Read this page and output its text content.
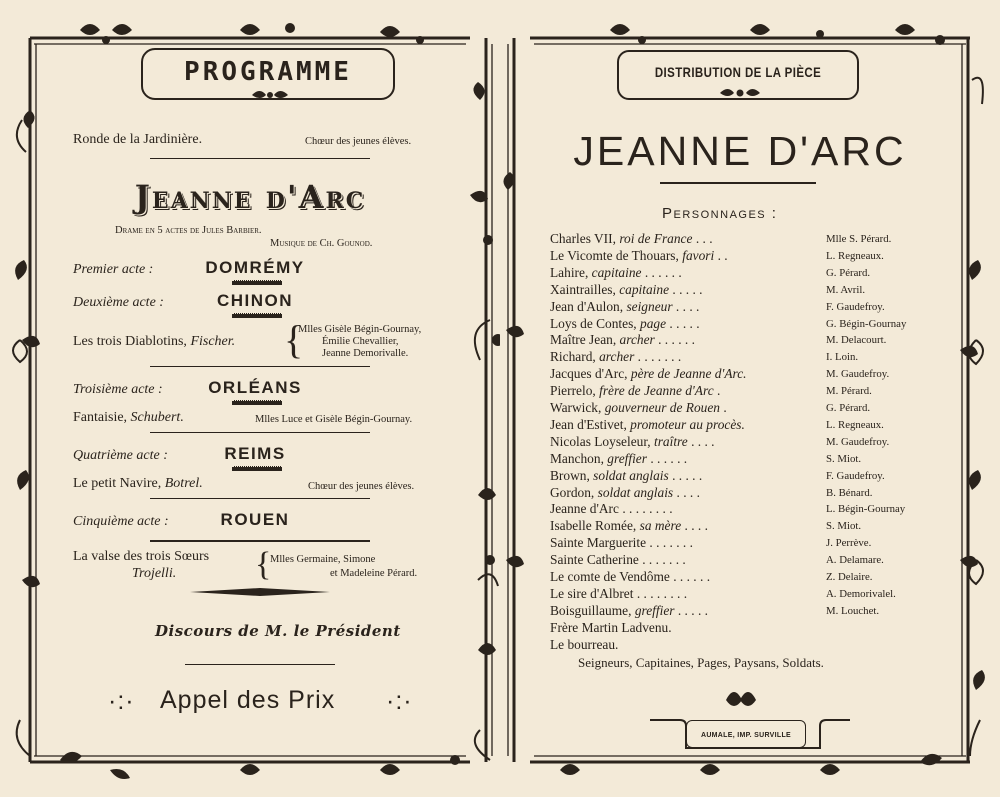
PROGRAMME
Ronde de la Jardinière.	Chœur des jeunes élèves.
Jeanne d'Arc
Drame en 5 actes de Jules Barbier.
Musique de Ch. Gounod.
Premier acte :	DOMRÉMY
Deuxième acte :	CHINON
Les trois Diablotins, Fischer. {
Mlles Gisèle Bégin-Gournay,
Émilie Chevallier,
Jeanne Demorivalle.
Troisième acte :	ORLÉANS
Fantaisie, Schubert.	Mlles Luce et Gisèle Bégin-Gournay.
Quatrième acte :	REIMS
Le petit Navire, Botrel.	Chœur des jeunes élèves.
Cinquième acte :	ROUEN
La valse des trois Sœurs
Trojelli. {
Mlles Germaine, Simone
et Madeleine Pérard.
Discours de M. le Président
·:· Appel des Prix ·:·
DISTRIBUTION DE LA PIÈCE
JEANNE D'ARC
Personnages :
Charles VII, roi de France . . .	Mlle S. Pérard.
Le Vicomte de Thouars, favori . .	L. Regneaux.
Lahire, capitaine . . . . . .	G. Pérard.
Xaintrailles, capitaine . . . . .	M. Avril.
Jean d'Aulon, seigneur . . . .	F. Gaudefroy.
Loys de Contes, page . . . . .	G. Bégin-Gournay
Maître Jean, archer . . . . . .	M. Delacourt.
Richard, archer . . . . . . .	I. Loin.
Jacques d'Arc, père de Jeanne d'Arc.	M. Gaudefroy.
Pierrelo, frère de Jeanne d'Arc .	M. Pérard.
Warwick, gouverneur de Rouen .	G. Pérard.
Jean d'Estivet, promoteur au procès.	L. Regneaux.
Nicolas Loyseleur, traître . . . .	M. Gaudefroy.
Manchon, greffier . . . . . .	S. Miot.
Brown, soldat anglais . . . . .	F. Gaudefroy.
Gordon, soldat anglais . . . .	B. Bénard.
Jeanne d'Arc . . . . . . . .	L. Bégin-Gournay
Isabelle Romée, sa mère . . . .	S. Miot.
Sainte Marguerite . . . . . . .	J. Perrève.
Sainte Catherine . . . . . . .	A. Delamare.
Le comte de Vendôme . . . . . .	Z. Delaire.
Le sire d'Albret . . . . . . . .	A. Demorivalel.
Boisguillaume, greffier . . . . .	M. Louchet.
Frère Martin Ladvenu.
Le bourreau.
Seigneurs, Capitaines, Pages, Paysans, Soldats.
AUMALE, IMP. SURVILLE
